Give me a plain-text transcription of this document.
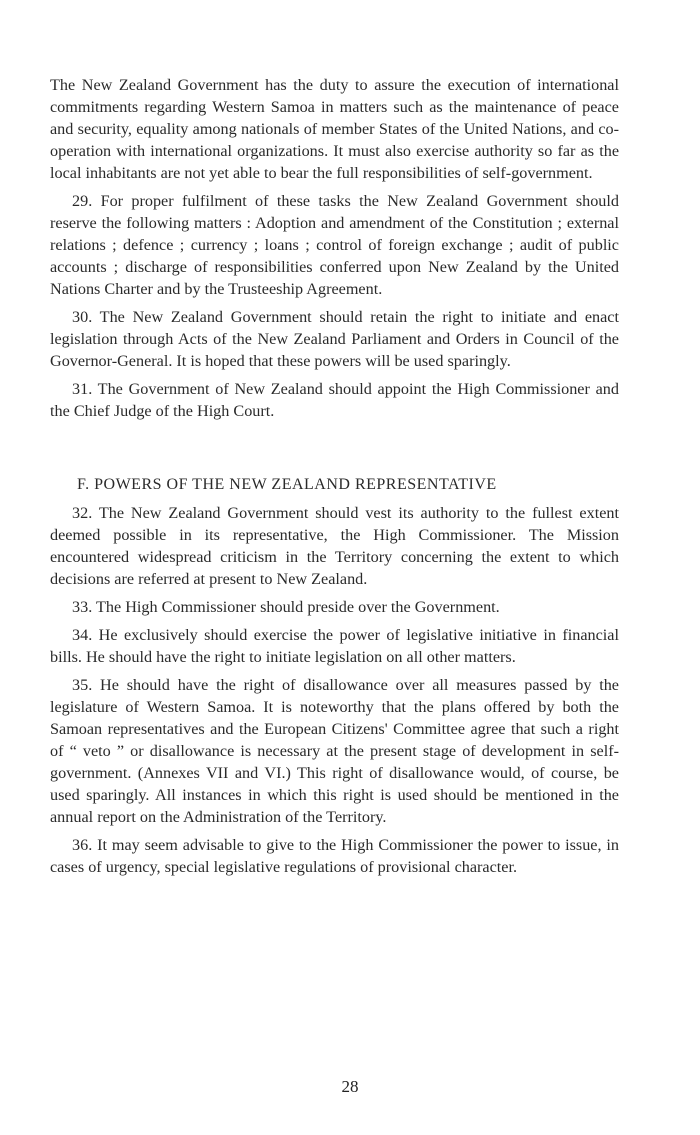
The New Zealand Government has the duty to assure the execution of international commitments regarding Western Samoa in matters such as the maintenance of peace and security, equality among nationals of member States of the United Nations, and co-operation with international organizations. It must also exercise authority so far as the local inhabitants are not yet able to bear the full responsibilities of self-government.

29. For proper fulfilment of these tasks the New Zealand Government should reserve the following matters : Adoption and amendment of the Constitution ; external relations ; defence ; currency ; loans ; control of foreign exchange ; audit of public accounts ; discharge of responsibilities conferred upon New Zealand by the United Nations Charter and by the Trusteeship Agreement.

30. The New Zealand Government should retain the right to initiate and enact legislation through Acts of the New Zealand Parliament and Orders in Council of the Governor-General. It is hoped that these powers will be used sparingly.

31. The Government of New Zealand should appoint the High Commissioner and the Chief Judge of the High Court.

F. POWERS OF THE NEW ZEALAND REPRESENTATIVE

32. The New Zealand Government should vest its authority to the fullest extent deemed possible in its representative, the High Commissioner. The Mission encountered widespread criticism in the Territory concerning the extent to which decisions are referred at present to New Zealand.

33. The High Commissioner should preside over the Government.

34. He exclusively should exercise the power of legislative initiative in financial bills. He should have the right to initiate legislation on all other matters.

35. He should have the right of disallowance over all measures passed by the legislature of Western Samoa. It is noteworthy that the plans offered by both the Samoan representatives and the European Citizens' Committee agree that such a right of “ veto ” or disallowance is necessary at the present stage of development in self-government. (Annexes VII and VI.) This right of disallowance would, of course, be used sparingly. All instances in which this right is used should be mentioned in the annual report on the Administration of the Territory.

36. It may seem advisable to give to the High Commissioner the power to issue, in cases of urgency, special legislative regulations of provisional character.

28
